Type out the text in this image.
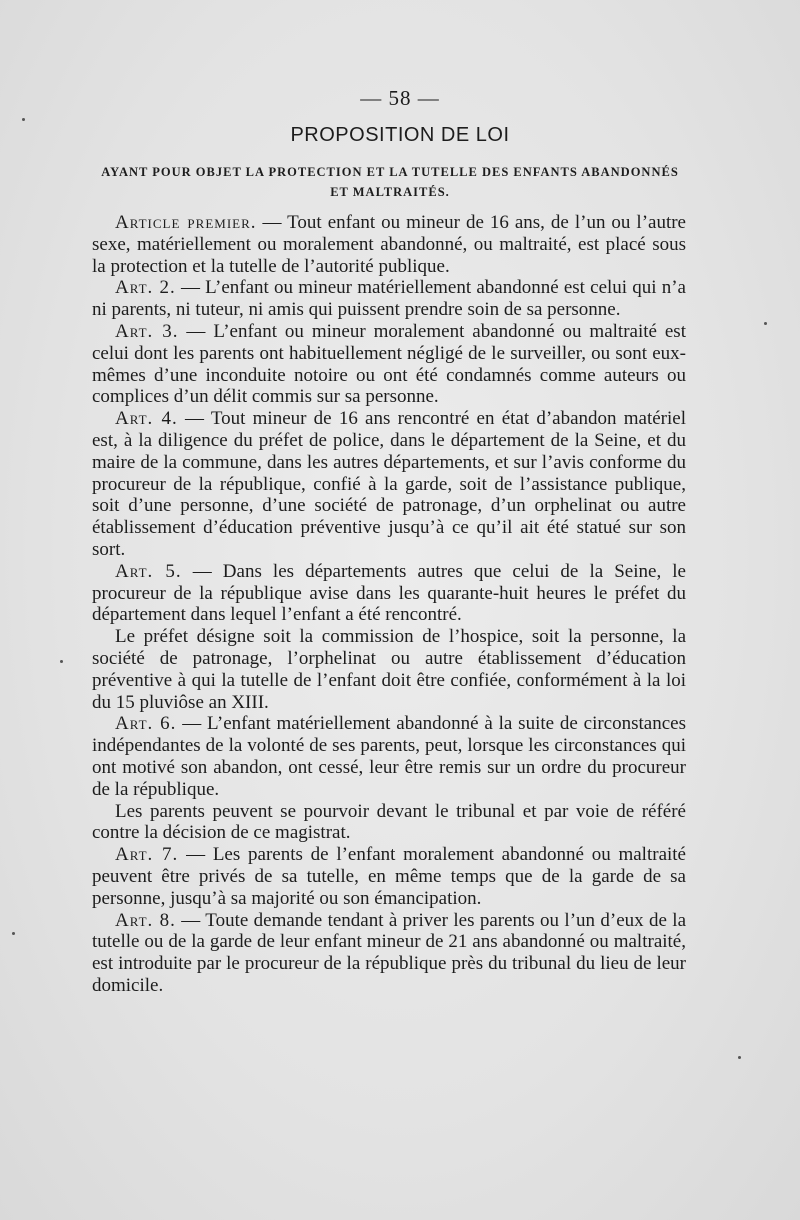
— 58 —
PROPOSITION DE LOI
AYANT POUR OBJET LA PROTECTION ET LA TUTELLE DES ENFANTS ABANDONNÉS ET MALTRAITÉS.

Article premier. — Tout enfant ou mineur de 16 ans, de l’un ou l’autre sexe, matériellement ou moralement abandonné, ou maltraité, est placé sous la protection et la tutelle de l’autorité publique.

Art. 2. — L’enfant ou mineur matériellement abandonné est celui qui n’a ni parents, ni tuteur, ni amis qui puissent prendre soin de sa personne.

Art. 3. — L’enfant ou mineur moralement abandonné ou maltraité est celui dont les parents ont habituellement négligé de le surveiller, ou sont eux-mêmes d’une inconduite notoire ou ont été condamnés comme auteurs ou complices d’un délit commis sur sa personne.

Art. 4. — Tout mineur de 16 ans rencontré en état d’abandon matériel est, à la diligence du préfet de police, dans le département de la Seine, et du maire de la commune, dans les autres départements, et sur l’avis conforme du procureur de la république, confié à la garde, soit de l’assistance publique, soit d’une personne, d’une société de patronage, d’un orphelinat ou autre établissement d’éducation préventive jusqu’à ce qu’il ait été statué sur son sort.

Art. 5. — Dans les départements autres que celui de la Seine, le procureur de la république avise dans les quarante-huit heures le préfet du département dans lequel l’enfant a été rencontré.

Le préfet désigne soit la commission de l’hospice, soit la personne, la société de patronage, l’orphelinat ou autre établissement d’éducation préventive à qui la tutelle de l’enfant doit être confiée, conformément à la loi du 15 pluviôse an XIII.

Art. 6. — L’enfant matériellement abandonné à la suite de circonstances indépendantes de la volonté de ses parents, peut, lorsque les circonstances qui ont motivé son abandon, ont cessé, leur être remis sur un ordre du procureur de la république.

Les parents peuvent se pourvoir devant le tribunal et par voie de référé contre la décision de ce magistrat.

Art. 7. — Les parents de l’enfant moralement abandonné ou maltraité peuvent être privés de sa tutelle, en même temps que de la garde de sa personne, jusqu’à sa majorité ou son émancipation.

Art. 8. — Toute demande tendant à priver les parents ou l’un d’eux de la tutelle ou de la garde de leur enfant mineur de 21 ans abandonné ou maltraité, est introduite par le procureur de la république près du tribunal du lieu de leur domicile.
